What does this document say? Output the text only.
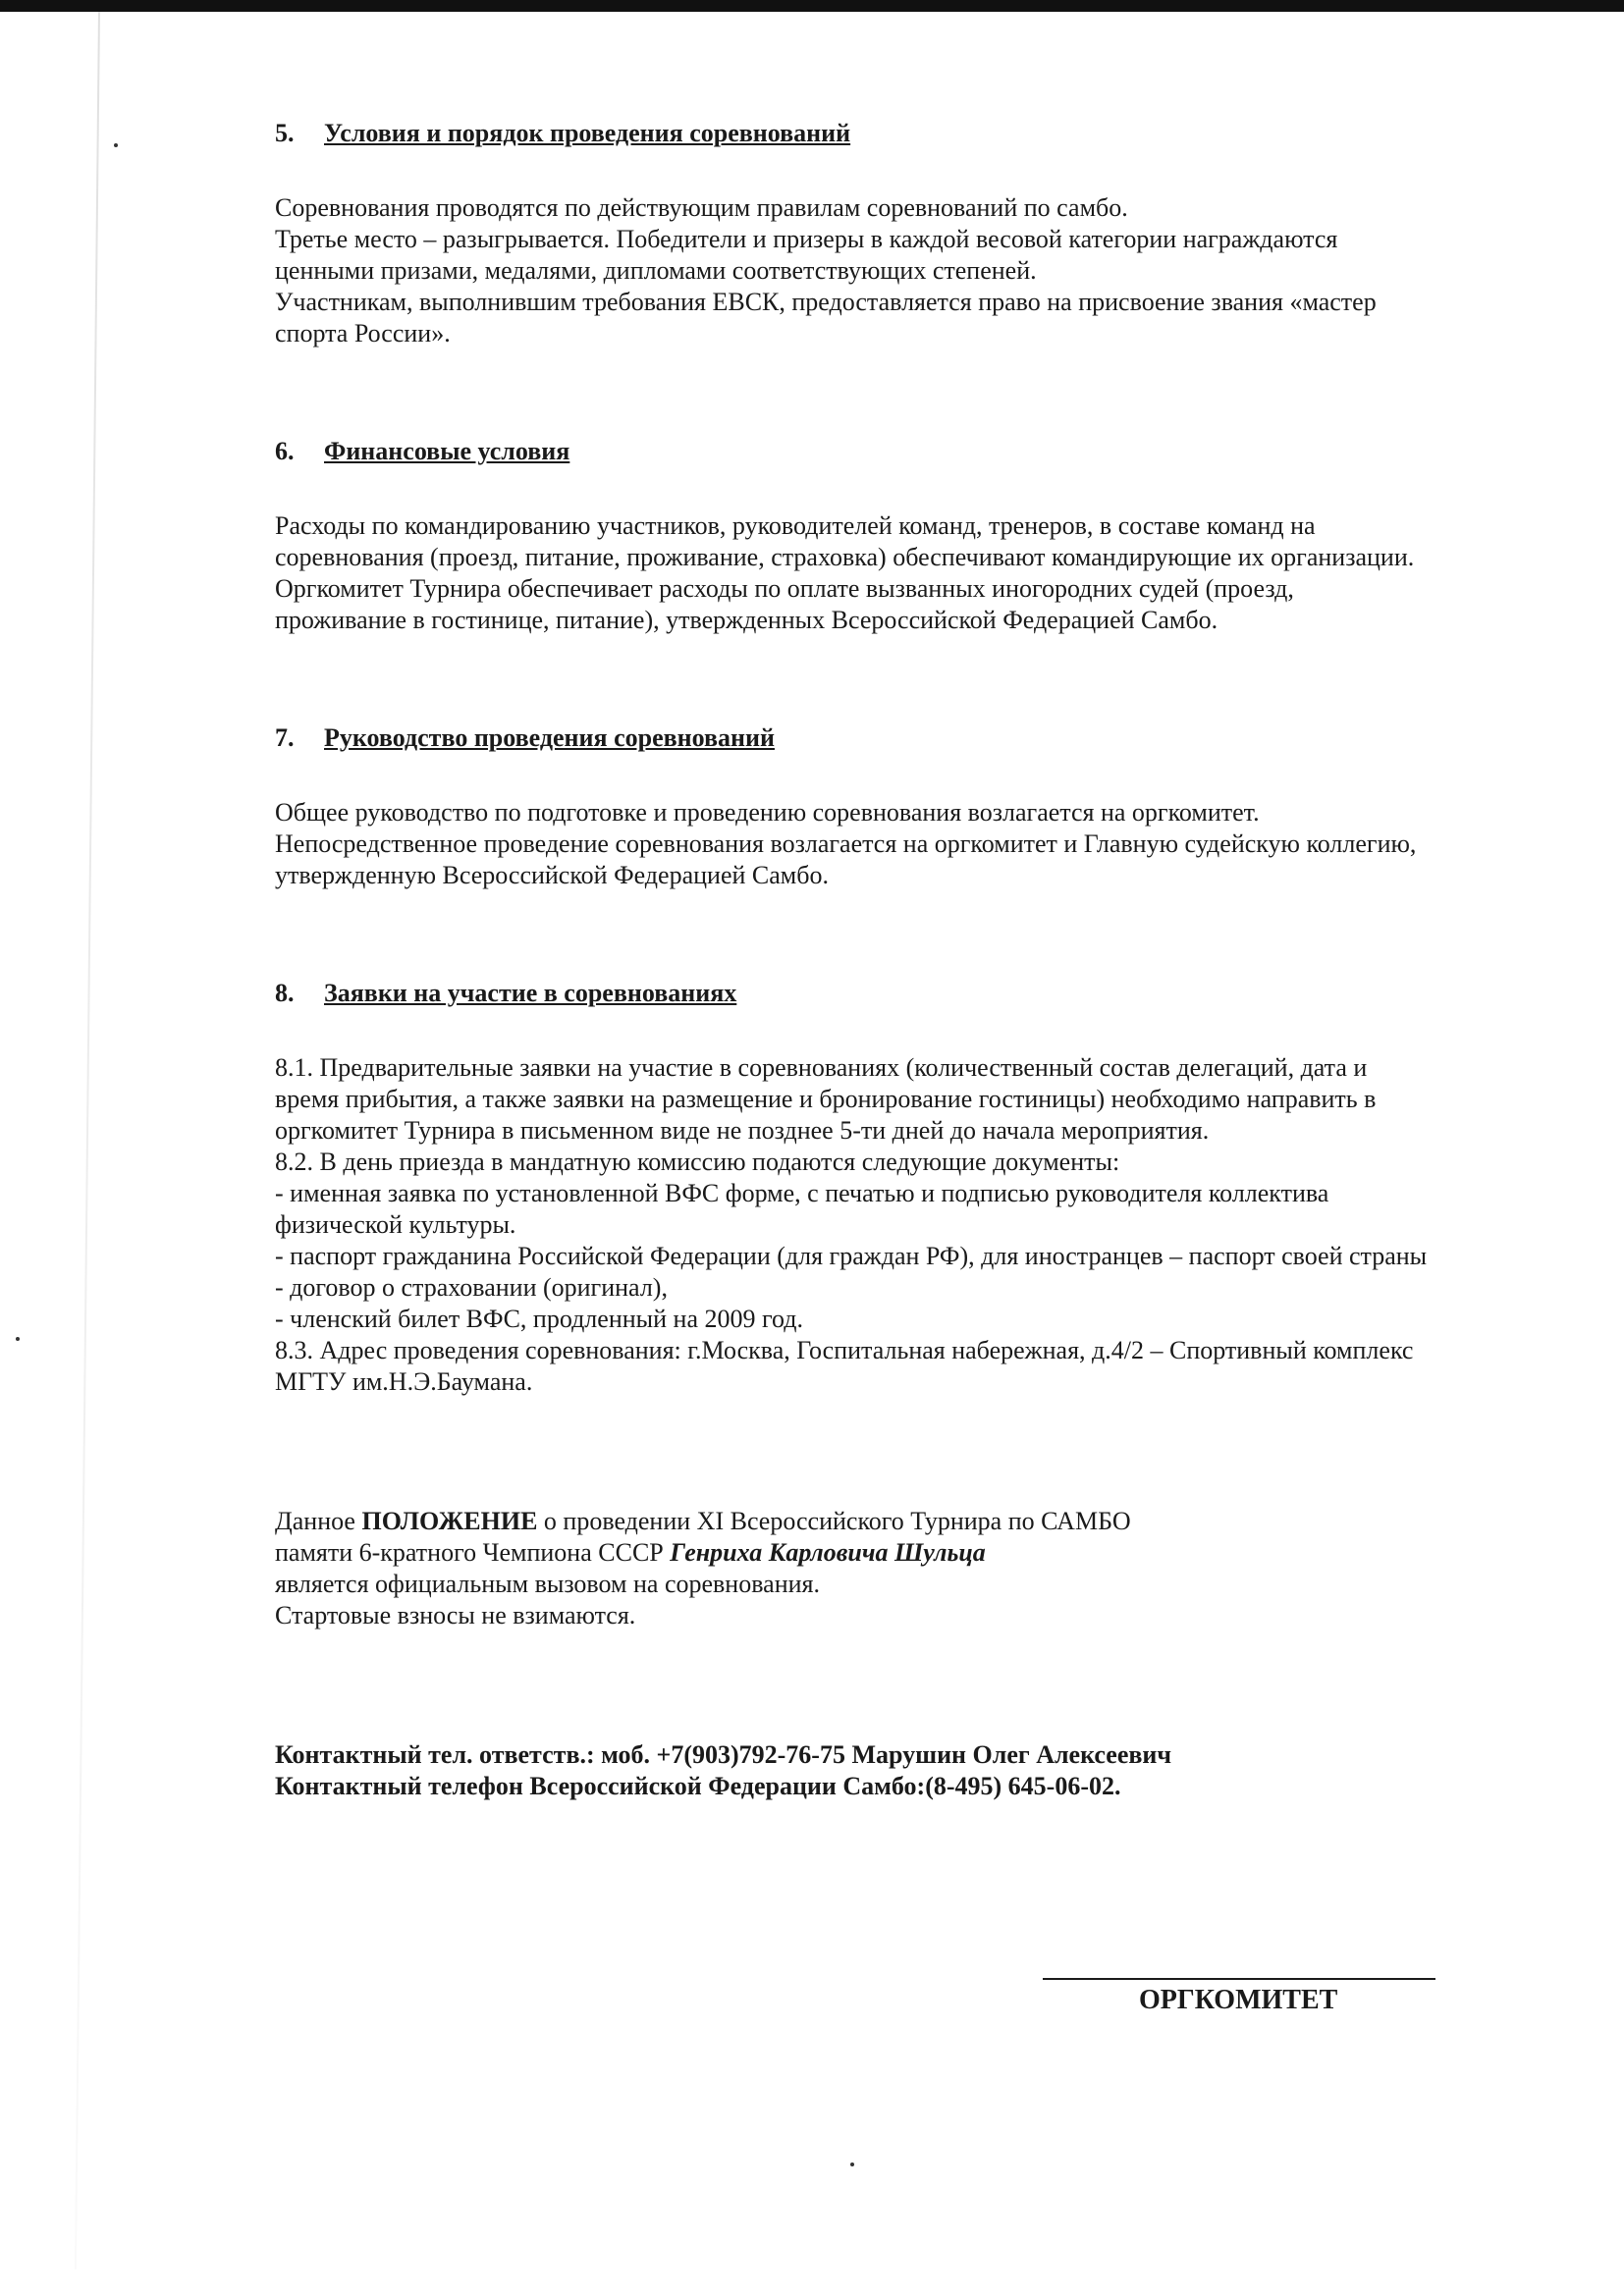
5. Условия и порядок проведения соревнований

Соревнования проводятся по действующим правилам соревнований по самбо.

Третье место – разыгрывается. Победители и призеры в каждой весовой категории награждаются

ценными призами, медалями, дипломами соответствующих степеней.

Участникам, выполнившим требования ЕВСК, предоставляется право на присвоение звания «мастер

спорта России».

6. Финансовые условия

Расходы по командированию участников, руководителей команд, тренеров, в составе команд на

соревнования (проезд, питание, проживание, страховка) обеспечивают командирующие их организации.

Оргкомитет Турнира обеспечивает расходы по оплате вызванных иногородних судей (проезд,

проживание в гостинице, питание), утвержденных Всероссийской Федерацией Самбо.

7. Руководство проведения соревнований

Общее руководство по подготовке и проведению соревнования возлагается на оргкомитет.

Непосредственное проведение соревнования возлагается на оргкомитет и Главную судейскую коллегию,

утвержденную Всероссийской Федерацией Самбо.

8. Заявки на участие в соревнованиях

8.1. Предварительные заявки на участие в соревнованиях (количественный состав делегаций, дата и

время прибытия, а также заявки на размещение и бронирование гостиницы) необходимо направить в

оргкомитет Турнира в письменном виде не позднее 5-ти дней до начала мероприятия.

8.2. В день приезда в мандатную комиссию подаются следующие документы:

- именная заявка по установленной ВФС форме, с печатью и подписью руководителя коллектива

физической культуры.

- паспорт гражданина Российской Федерации (для граждан РФ), для иностранцев – паспорт своей страны

- договор о страховании (оригинал),

- членский билет ВФС, продленный на 2009 год.

8.3. Адрес проведения соревнования: г.Москва, Госпитальная набережная, д.4/2 – Спортивный комплекс

МГТУ им.Н.Э.Баумана.

Данное ПОЛОЖЕНИЕ о проведении XI Всероссийского Турнира по САМБО

памяти 6-кратного Чемпиона СССР Генриха Карловича Шульца

является официальным вызовом на соревнования.

Стартовые взносы не взимаются.

Контактный тел. ответств.: моб. +7(903)792-76-75 Марушин Олег Алексеевич

Контактный телефон Всероссийской Федерации Самбо:(8-495) 645-06-02.

ОРГКОМИТЕТ
